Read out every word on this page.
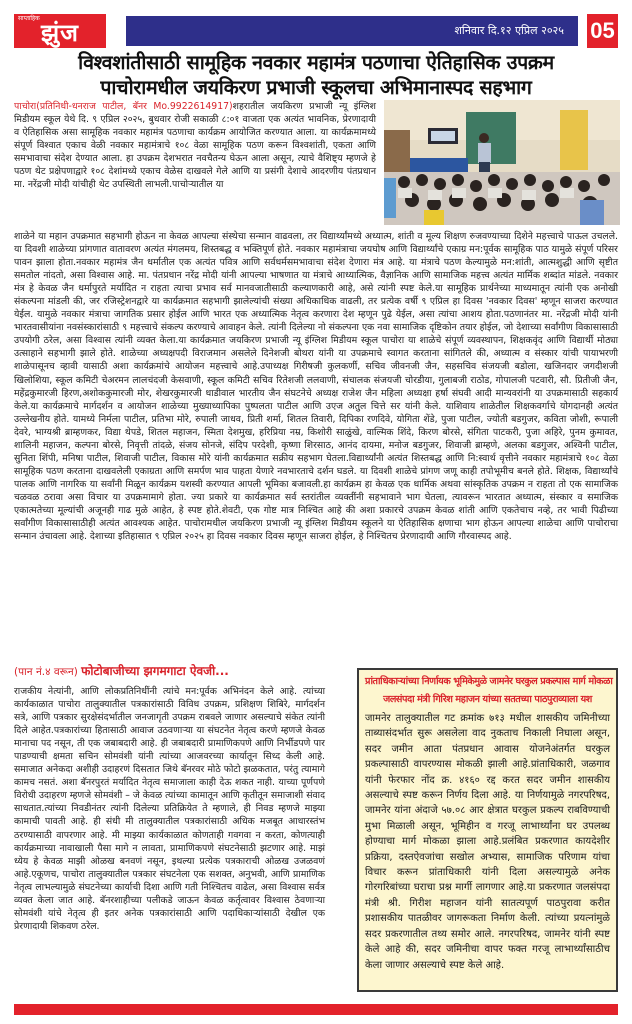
साप्ताहिक
झुंज	शनिवार दि.१२ एप्रिल २०२५ 05
विश्वशांतीसाठी सामूहिक नवकार महामंत्र पठणाचा ऐतिहासिक उपक्रम
पाचोरामधील जयकिरण प्रभाजी स्कूलचा अभिमानास्पद सहभाग
पाचोरा(प्रतिनिधी-धनराज पाटील, बॅनर Mo.9922614917)शहरातील जयकिरण प्रभाजी न्यू इंग्लिश मिडीयम स्कूल येथे दि. ९ एप्रिल २०२५, बुधवार रोजी सकाळी ८:०१ वाजता एक अत्यंत भावनिक, प्रेरणादायी व ऐतिहासिक असा सामूहिक नवकार महामंत्र पठणाचा कार्यक्रम आयोजित करण्यात आला. या कार्यक्रमामध्ये संपूर्ण विश्वात एकाच वेळी नवकार महामंत्राचे १०८ वेळा सामूहिक पठण करून विश्वशांती, एकता आणि समभावाचा संदेश देण्यात आला. हा उपक्रम देशभरात नवचैतन्य घेऊन आला असून, त्याचे वैशिष्ट्य म्हणजे हे पठण थेट प्रक्षेपणाद्वारे १०८ देशांमध्ये एकाच वेळेस दाखवले गेले आणि या प्रसंगी देशाचे आदरणीय पंतप्रधान मा. नरेंद्रजी मोदी यांचीही थेट उपस्थिती लाभली.पाचोऱ्यातील या
शाळेने या महान उपक्रमात सहभागी होऊन ना केवळ आपल्या संस्थेचा सन्मान वाढवला, तर विद्यार्थ्यांमध्ये अध्यात्म, शांती व मूल्य शिक्षण रुजवण्याच्या दिशेने महत्त्वाचे पाऊल उचलले. या दिवशी शाळेच्या प्रांगणात वातावरण अत्यंत मंगलमय, शिस्तबद्ध व भक्तिपूर्ण होते. नवकार महामंत्राचा जयघोष आणि विद्यार्थ्यांचे एकाग्र मन:पूर्वक सामूहिक पाठ यामुळे संपूर्ण परिसर पावन झाला होता.नवकार महामंत्र जैन धर्मातील एक अत्यंत पवित्र आणि सर्वधर्मसमभावाचा संदेश देणारा मंत्र आहे. या मंत्राचे पठण केल्यामुळे मन:शांती, आत्मशुद्धी आणि सृष्टीत समतोल नांदतो, असा विश्वास आहे. मा. पंतप्रधान नरेंद्र मोदी यांनी आपल्या भाषणात या मंत्राचे आध्यात्मिक, वैज्ञानिक आणि सामाजिक महत्त्व अत्यंत मार्मिक शब्दांत मांडले. नवकार मंत्र हे केवळ जैन धर्मापुरते मर्यादित न राहता त्याचा प्रभाव सर्व मानवजातीसाठी कल्याणकारी आहे, असे त्यांनी स्पष्ट केले.या सामूहिक प्रार्थनेच्या माध्यमातून त्यांनी एक अनोखी संकल्पना मांडली की, जर रजिस्ट्रेशनद्वारे या कार्यक्रमात सहभागी झालेल्यांची संख्या अधिकाधिक वाढली, तर प्रत्येक वर्षी ९ एप्रिल हा दिवस 'नवकार दिवस' म्हणून साजरा करण्यात येईल. यामुळे नवकार मंत्राचा जागतिक प्रसार होईल आणि भारत एक अध्यात्मिक नेतृत्व करणारा देश म्हणून पुढे येईल, असा त्यांचा आशय होता.पठणानंतर मा. नरेंद्रजी मोदी यांनी भारतवासीयांना नवसंस्कारांसाठी ९ महत्त्वाचे संकल्प करण्याचे आवाहन केले. त्यांनी दिलेल्या नो संकल्पना एक नवा सामाजिक दृष्टिकोन तयार होईल, जो देशाच्या सर्वांगीण विकासासाठी उपयोगी ठरेल, असा विश्वास त्यांनी व्यक्त केला.या कार्यक्रमात जयकिरण प्रभाजी न्यू इंग्लिश मिडीयम स्कूल पाचोरा या शाळेचे संपूर्ण व्यवस्थापन, शिक्षकवृंद आणि विद्यार्थी मोठ्या उत्साहाने सहभागी झाले होते. शाळेच्या अध्यक्षपदी विराजमान असलेले दिनेशजी बोथरा यांनी या उपक्रमाचे स्वागत करताना सांगितले की, अध्यात्म व संस्कार यांची पायाभरणी शाळेपासूनच व्हावी यासाठी अशा कार्यक्रमांचे आयोजन महत्त्वाचे आहे.उपाध्यक्ष गिरीषजी कुलकर्णी, सचिव जीवनजी जैन, सहसचिव संजयजी बडोला, खजिनदार जगदीशजी खिलोशिया, स्कूल कमिटी चेअरमन लालचंदजी केसवाणी, स्कूल कमिटी सचिव रितेशजी ललवाणी, संचालक संजयजी चोरडीया, गुलाबजी राठोड, गोपालजी पटवारी, सौ. प्रितीजी जैन, महेंद्रकुमारजी हिरण,अशोककुमारजी मोर, शेखरकुमारजी धाडीवाल भारतीय जैन संघटनेचे अध्यक्ष राजेश जैन महिला अध्यक्षा हर्षा संघवी आदी मान्यवरांनी या उपक्रमासाठी सहकार्य केले.या कार्यक्रमाचे मार्गदर्शन व आयोजन शाळेच्या मुख्याध्यापिका पुष्पलता पाटील आणि उएज अतुल चित्ते सर यांनी केले. याशिवाय शाळेतील शिक्षकवर्गाचे योगदानही अत्यंत उल्लेखनीय होते. यामध्ये निर्मला पाटील, प्रतिभा मोरे, रुपाली जाधव, प्रिती शर्मा, शितल तिवारी, दिपिका रणदिवे, योगिता शेंडे, पुजा पाटील, ज्योती बडगुजर, कविता जोशी, रूपाली देवरे, भाग्यश्री ब्राम्हणकर, विद्या थेपडे, शितल महाजन, स्मिता देशमुख, हरिप्रिया नम्र, किशोरी साळुंखे, वाल्मिक शिंदे, किरण बोरसे, संगिता पाटकरी, पुजा अहिरे, पुनम कुमावत, शालिनी महाजन, कल्पना बोरसे, निवृत्ती तांदळे, संजय सोनजे, संदिप परदेशी, कृष्णा शिरसाठ, आनंद दायमा, मनोज बडगुजर, शिवाजी ब्राम्हणे, अलका बडगुजर, अश्विनी पाटील, सुनिता शिंपी, मनिषा पाटील, शिवाजी पाटील, विकास मोरे यांनी कार्यक्रमात सक्रीय सहभाग घेतला.विद्यार्थ्यांनी अत्यंत शिस्तबद्ध आणि नि:स्वार्थ वृत्तीने नवकार महामंत्राचे १०८ वेळा सामूहिक पठण करताना दाखवलेली एकाग्रता आणि समर्पण भाव पाहता येणारे नवभारताचे दर्शन घडले. या दिवशी शाळेचे प्रांगण जणू काही तपोभूमीच बनले होते. शिक्षक, विद्यार्थ्यांचे पालक आणि नागरिक या सर्वांनी मिळून कार्यक्रम यशस्वी करण्यात आपली भूमिका बजावली.हा कार्यक्रम हा केवळ एक धार्मिक अथवा सांस्कृतिक उपक्रम न राहता तो एक सामाजिक चळवळ ठरावा असा विचार या उपक्रमामागे होता. ज्या प्रकारे या कार्यक्रमात सर्व स्तरांतील व्यक्तींनी सहभावाने भाग घेतला, त्यावरून भारतात अध्यात्म, संस्कार व समाजिक एकात्मतेच्या मूल्यांची अजूनही गाढ मुळे आहेत, हे स्पष्ट होते.शेवटी, एक गोष्ट मात्र निश्चित आहे की अशा प्रकारचे उपक्रम केवळ शांती आणि एकतेचाच नव्हे, तर भावी पिढीच्या सर्वांगीण विकासासाठीही अत्यंत आवश्यक आहेत. पाचोरामधील जयकिरण प्रभाजी न्यू इंग्लिश मिडीयम स्कूलने या ऐतिहासिक क्षणाचा भाग होऊन आपल्या शाळेचा आणि पाचोराचा सन्मान उंचावला आहे. देशाच्या इतिहासात ९ एप्रिल २०२५ हा दिवस नवकार दिवस म्हणून साजरा होईल, हे निश्चितच प्रेरणादायी आणि गौरवास्पद आहे.
(पान नं.४ वरून) फोटोबाजीच्या झगमगाटा ऐवजी...
राजकीय नेत्यांनी, आणि लोकप्रतिनिधींनी त्यांचे मन:पूर्वक अभिनंदन केले आहे. त्यांच्या कार्यकाळात पाचोरा तालुक्यातील पत्रकारांसाठी विविध उपक्रम, प्रशिक्षण शिबिरे, मार्गदर्शन सत्रे, आणि पत्रकार सुरक्षेसंदर्भातील जनजागृती उपक्रम राबवले जाणार असल्याचे संकेत त्यांनी दिले आहेत.पत्रकारांच्या हितासाठी आवाज उठवणाऱ्या या संघटनेत नेतृत्व करणे म्हणजे केवळ मानाचा पद नसून, ती एक जबाबदारी आहे. ही जबाबदारी प्रामाणिकपणे आणि निर्भीडपणे पार पाडण्याची क्षमता सचिन सोमवंशी यांनी त्यांच्या आजवरच्या कार्यातून सिध्द केली आहे. समाजात अनेकदा अशीही उदाहरणं दिसतात जिथे बॅनरवर मोठे फोटो झळकतात, परंतु त्यामागे कामच नसतं. अशा बॅनरपुरतं मर्यादित नेतृत्व समाजाला काही देऊ शकत नाही. याच्या पूर्णपणे विरोधी उदाहरण म्हणजे सोमवंशी – जे केवळ त्यांच्या कामातून आणि कृतीतून समाजाशी संवाद साधतात.त्यांच्या निवडीनंतर त्यांनी दिलेल्या प्रतिक्रियेत ते म्हणाले, ही निवड म्हणजे माझ्या कामाची पावती आहे. ही संधी मी तालुक्यातील पत्रकारांसाठी अधिक मजबूत आधारस्तंभ ठरण्यासाठी वापरणार आहे. मी माझ्या कार्यकाळात कोणताही गवगवा न करता, कोणत्याही कार्यक्रमाच्या नावाखाली पैसा मागे न लावता, प्रामाणिकपणे संघटनेसाठी झटणार आहे. माझं ध्येय हे केवळ माझी ओळख बनवणं नसून, इथल्या प्रत्येक पत्रकाराची ओळख उजळवणं आहे.एकूणच, पाचोरा तालुक्यातील पत्रकार संघटनेला एक सशक्त, अनुभवी, आणि प्रामाणिक नेतृत्व लाभल्यामुळे संघटनेच्या कार्याची दिशा आणि गती निश्चितच वाढेल, असा विश्वास सर्वत्र व्यक्त केला जात आहे. बॅनरशाहीच्या पलीकडे जाऊन केवळ कर्तृत्वावर विश्वास ठेवणाऱ्या सोमवंशी यांचे नेतृत्व ही इतर अनेक पत्रकारांसाठी आणि पदाधिकाऱ्यांसाठी देखील एक प्रेरणादायी शिकवण ठरेल.
प्रांताधिकाऱ्यांच्या निर्णायक भूमिकेमुळे जामनेर घरकुल प्रकल्पास मार्ग मोकळा
जलसंपदा मंत्री गिरिश महाजन यांच्या सततच्या पाठपुराव्याला यश
जामनेर तालुक्यातील गट क्रमांक ७१३ मधील शासकीय जमिनीच्या ताब्यासंदर्भात सुरू असलेला वाद नुकताच निकाली निघाला असून, सदर जमीन आता पंतप्रधान आवास योजनेअंतर्गत घरकुल प्रकल्पासाठी वापरण्यास मोकळी झाली आहे.प्रांताधिकारी, जळगाव यांनी फेरफार नोंद क्र. ४१६० रद्द करत सदर जमीन शासकीय असल्याचे स्पष्ट करून निर्णय दिला आहे. या निर्णयामुळे नगरपरिषद, जामनेर यांना अंदाजे ५७.०८ आर क्षेत्रात घरकुल प्रकल्प राबविण्याची मुभा मिळाली असून, भूमिहीन व गरजू लाभार्थ्यांना घर उपलब्ध होण्याचा मार्ग मोकळा झाला आहे.प्रलंबित प्रकरणात कायदेशीर प्रक्रिया, दस्तऐवजांचा सखोल अभ्यास, सामाजिक परिणाम यांचा विचार करून प्रांताधिकारी यांनी दिला असल्यामुळे अनेक गोरगरिबांच्या घराचा प्रश्न मार्गी लागणार आहे.या प्रकरणात जलसंपदा मंत्री श्री. गिरीश महाजन यांनी सातत्यपूर्ण पाठपुरावा करीत प्रशासकीय पातळीवर जागरूकता निर्माण केली. त्यांच्या प्रयत्नांमुळे सदर प्रकरणातील तथ्य समोर आले. नगरपरिषद, जामनेर यांनी स्पष्ट केले आहे की, सदर जमिनीचा वापर फक्त गरजू लाभार्थ्यांसाठीच केला जाणार असल्याचे स्पष्ट केले आहे.
